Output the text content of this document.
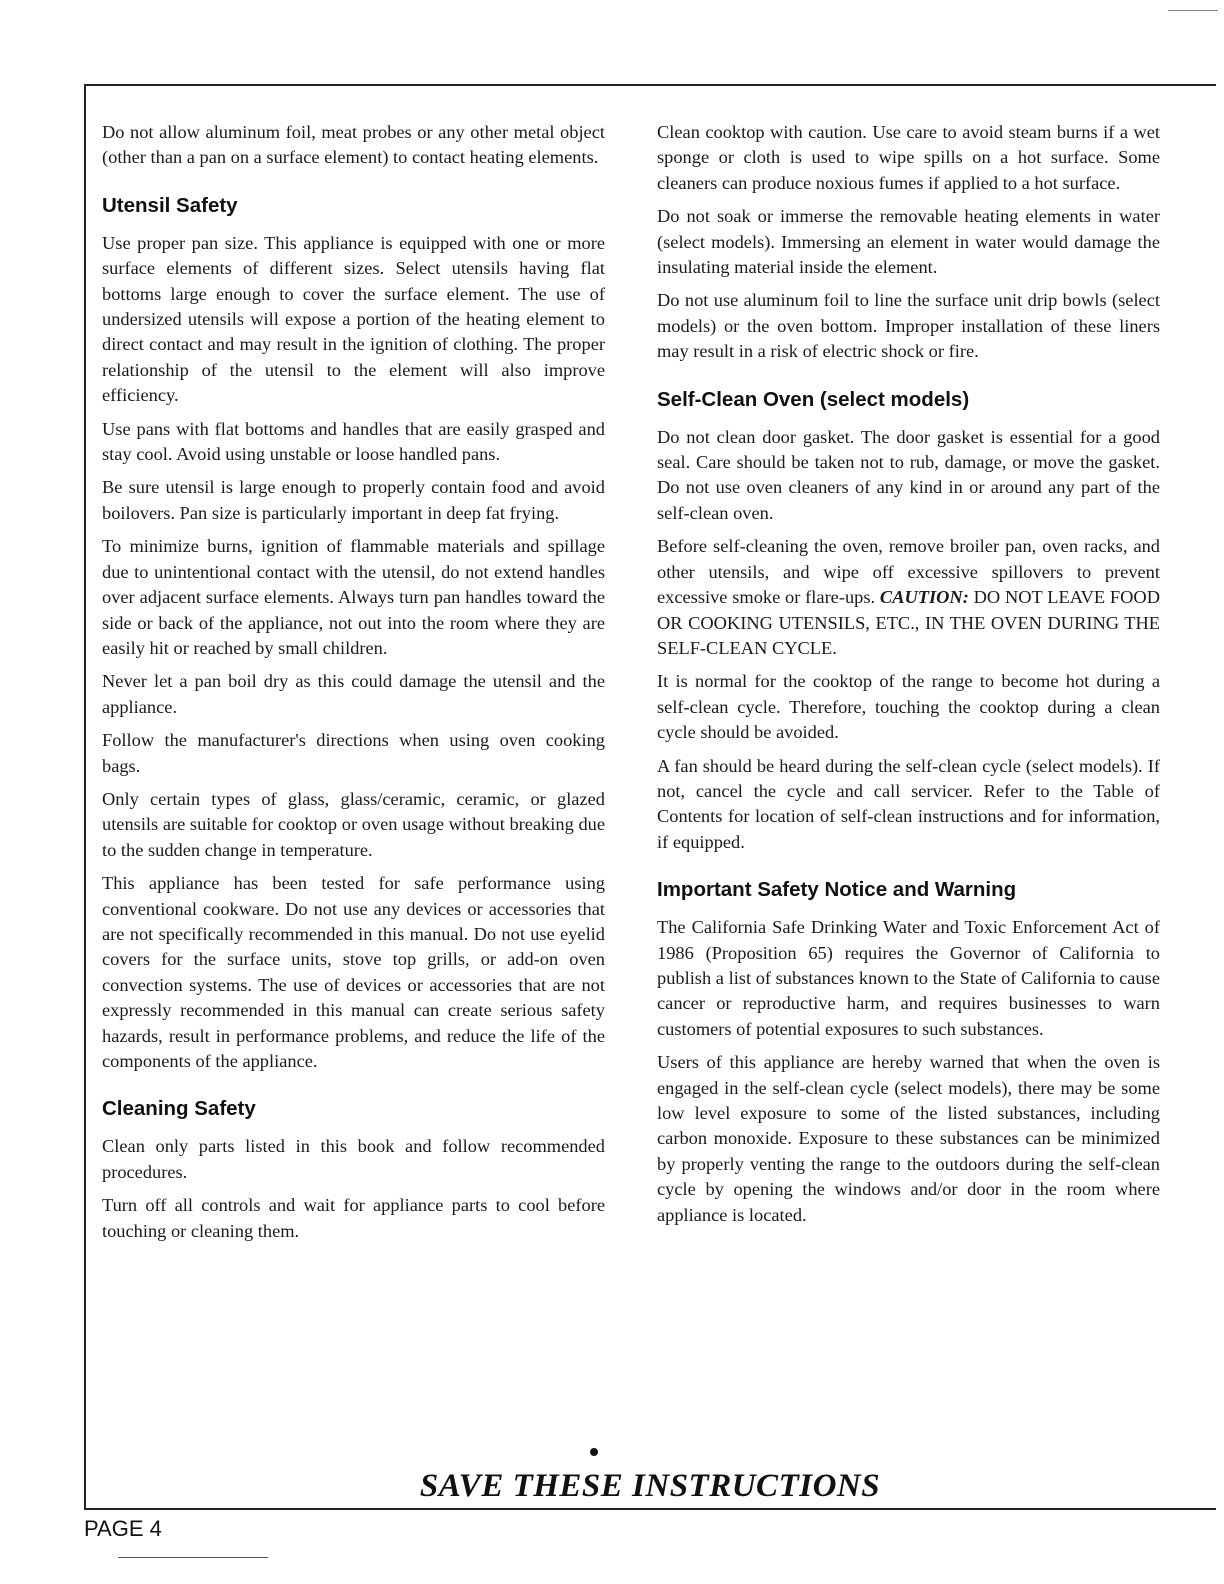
Do not allow aluminum foil, meat probes or any other metal object (other than a pan on a surface element) to contact heating elements.

Utensil Safety

Use proper pan size. This appliance is equipped with one or more surface elements of different sizes. Select utensils having flat bottoms large enough to cover the surface element. The use of undersized utensils will expose a portion of the heating element to direct contact and may result in the ignition of clothing. The proper relationship of the utensil to the element will also improve efficiency.

Use pans with flat bottoms and handles that are easily grasped and stay cool. Avoid using unstable or loose handled pans.

Be sure utensil is large enough to properly contain food and avoid boilovers. Pan size is particularly important in deep fat frying.

To minimize burns, ignition of flammable materials and spillage due to unintentional contact with the utensil, do not extend handles over adjacent surface elements. Always turn pan handles toward the side or back of the appliance, not out into the room where they are easily hit or reached by small children.

Never let a pan boil dry as this could damage the utensil and the appliance.

Follow the manufacturer's directions when using oven cooking bags.

Only certain types of glass, glass/ceramic, ceramic, or glazed utensils are suitable for cooktop or oven usage without breaking due to the sudden change in temperature.

This appliance has been tested for safe performance using conventional cookware. Do not use any devices or accessories that are not specifically recommended in this manual. Do not use eyelid covers for the surface units, stove top grills, or add-on oven convection systems. The use of devices or accessories that are not expressly recommended in this manual can create serious safety hazards, result in performance problems, and reduce the life of the components of the appliance.

Cleaning Safety

Clean only parts listed in this book and follow recommended procedures.

Turn off all controls and wait for appliance parts to cool before touching or cleaning them.

Clean cooktop with caution. Use care to avoid steam burns if a wet sponge or cloth is used to wipe spills on a hot surface. Some cleaners can produce noxious fumes if applied to a hot surface.

Do not soak or immerse the removable heating elements in water (select models). Immersing an element in water would damage the insulating material inside the element.

Do not use aluminum foil to line the surface unit drip bowls (select models) or the oven bottom. Improper installation of these liners may result in a risk of electric shock or fire.

Self-Clean Oven (select models)

Do not clean door gasket. The door gasket is essential for a good seal. Care should be taken not to rub, damage, or move the gasket. Do not use oven cleaners of any kind in or around any part of the self-clean oven.

Before self-cleaning the oven, remove broiler pan, oven racks, and other utensils, and wipe off excessive spillovers to prevent excessive smoke or flare-ups. CAUTION: DO NOT LEAVE FOOD OR COOKING UTENSILS, ETC., IN THE OVEN DURING THE SELF-CLEAN CYCLE.

It is normal for the cooktop of the range to become hot during a self-clean cycle. Therefore, touching the cooktop during a clean cycle should be avoided.

A fan should be heard during the self-clean cycle (select models). If not, cancel the cycle and call servicer. Refer to the Table of Contents for location of self-clean instructions and for information, if equipped.

Important Safety Notice and Warning

The California Safe Drinking Water and Toxic Enforcement Act of 1986 (Proposition 65) requires the Governor of California to publish a list of substances known to the State of California to cause cancer or reproductive harm, and requires businesses to warn customers of potential exposures to such substances.

Users of this appliance are hereby warned that when the oven is engaged in the self-clean cycle (select models), there may be some low level exposure to some of the listed substances, including carbon monoxide. Exposure to these substances can be minimized by properly venting the range to the outdoors during the self-clean cycle by opening the windows and/or door in the room where appliance is located.

SAVE THESE INSTRUCTIONS
PAGE 4
